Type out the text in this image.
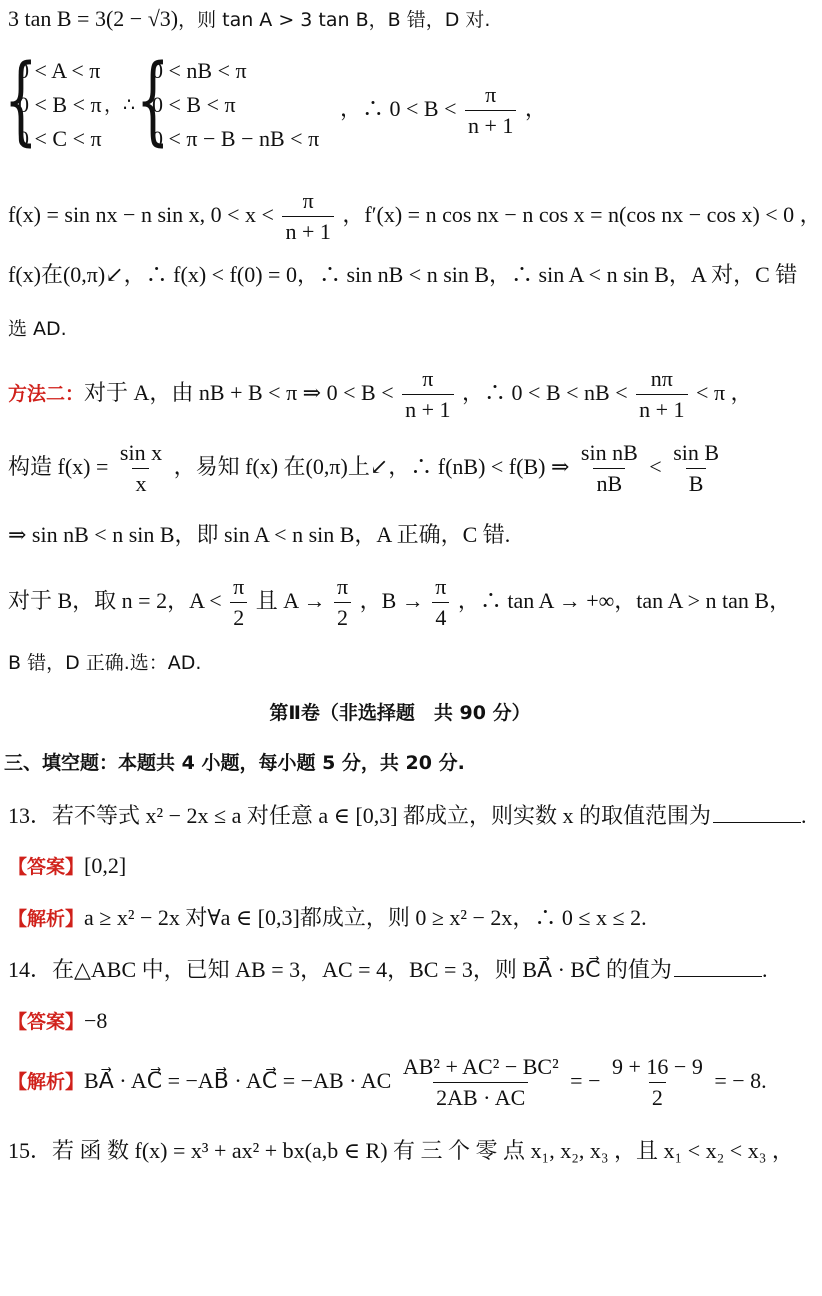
3 tan B = 3(2 − √3)，则 tan A > 3 tan B，B 错，D 对.
{
0 < A < π
0 < B < π
0 < C < π
，∴ {
0 < nB < π
0 < B < π
0 < π − B − nB < π
，∴ $0 < B < \frac{\pi}{n + 1}$ ，
f(x) = sin nx − n sin x, $0 < x < \frac{\pi}{n + 1}$ ，f′(x) = n cos nx − n cos x = n(cos nx − cos x) < 0 ，
f(x)在(0,π)↙，∴ f(x) < f(0) = 0，∴ sin nB < n sin B，∴ sin A < n sin B，A 对，C 错
选 AD.
方法二：对于 A，由 nB + B < π ⇒ $0 < B < \frac{\pi}{n + 1}$ ，∴ 0 < B < nB < $\frac{n\pi}{n + 1} < \pi$ ，
构造 $f(x) = \frac{\text{sin x}}{x}$ ，易知 f(x) 在(0,π)上↙，∴ f(nB) < f(B) ⇒ $\frac{\text{sin nB}}{nB} < \frac{\text{sin B}}{B}$
⇒ sin nB < n sin B，即 sin A < n sin B，A 正确，C 错.
对于 B，取 n = 2，$A < \frac{\pi}{2}$ 且 $A \to \frac{\pi}{2}$ ，$B \to \frac{\pi}{4}$ ，∴ tan A → +∞，tan A > n tan B，
B 错，D 正确.选：AD.
第Ⅱ卷（非选择题　共 90 分）
三、填空题：本题共 4 小题，每小题 5 分，共 20 分.
13．若不等式 x² − 2x ≤ a 对任意 a ∈ [0,3] 都成立，则实数 x 的取值范围为	.
【答案】[0,2]
【解析】a ≥ x² − 2x 对∀a ∈ [0,3]都成立，则 0 ≥ x² − 2x，∴ 0 ≤ x ≤ 2.
14．在△ABC 中，已知 AB = 3，AC = 4，BC = 3，则 BA⃗ · BC⃗ 的值为	.
【答案】−8
【解析】BA⃗ · AC⃗ = −AB⃗ · AC⃗ = −AB · AC $\frac{\text{AB² + AC² − BC²}}{2AB \cdot AC}$ = − $\frac{9 + 16 - 9}{2}$ = − 8.
15．若 函 数 f(x) = x³ + ax² + bx(a,b ∈ R) 有 三 个 零 点 x₁, x₂, x₃ ，且 x₁ < x₂ < x₃ ，
